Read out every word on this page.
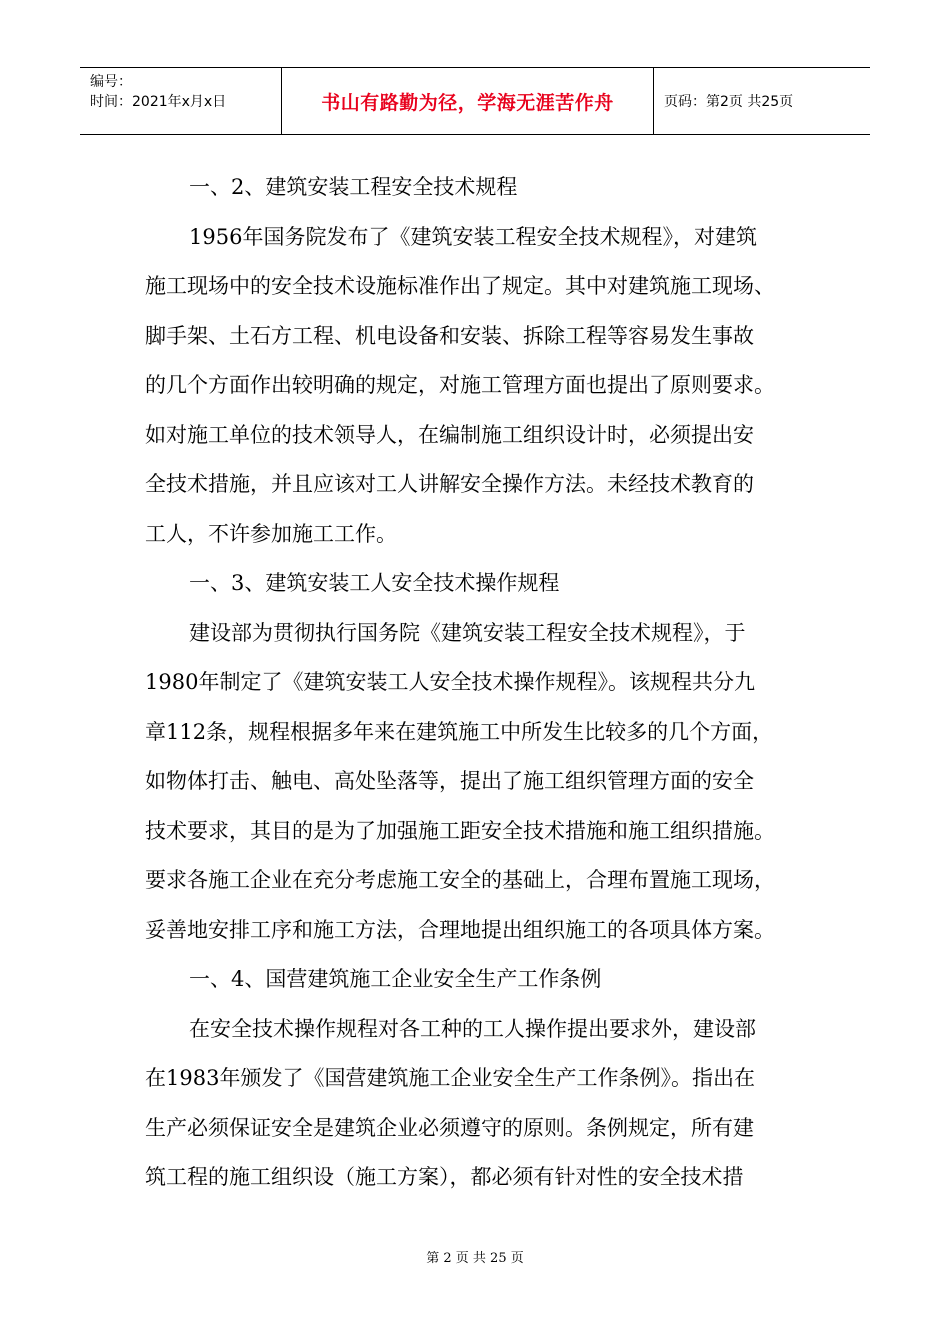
编号：
时间：2021年x月x日	书山有路勤为径，学海无涯苦作舟	页码：第2页 共25页
一、2、建筑安装工程安全技术规程
1956年国务院发布了《建筑安装工程安全技术规程》，对建筑
施工现场中的安全技术设施标准作出了规定。其中对建筑施工现场、
脚手架、土石方工程、机电设备和安装、拆除工程等容易发生事故
的几个方面作出较明确的规定，对施工管理方面也提出了原则要求。
如对施工单位的技术领导人，在编制施工组织设计时，必须提出安
全技术措施，并且应该对工人讲解安全操作方法。未经技术教育的
工人，不许参加施工工作。
一、3、建筑安装工人安全技术操作规程
建设部为贯彻执行国务院《建筑安装工程安全技术规程》，于
1980年制定了《建筑安装工人安全技术操作规程》。该规程共分九
章112条，规程根据多年来在建筑施工中所发生比较多的几个方面，
如物体打击、触电、高处坠落等，提出了施工组织管理方面的安全
技术要求，其目的是为了加强施工距安全技术措施和施工组织措施。
要求各施工企业在充分考虑施工安全的基础上，合理布置施工现场，
妥善地安排工序和施工方法，合理地提出组织施工的各项具体方案。
一、4、国营建筑施工企业安全生产工作条例
在安全技术操作规程对各工种的工人操作提出要求外，建设部
在1983年颁发了《国营建筑施工企业安全生产工作条例》。指出在
生产必须保证安全是建筑企业必须遵守的原则。条例规定，所有建
筑工程的施工组织设（施工方案），都必须有针对性的安全技术措
第 2 页 共 25 页
